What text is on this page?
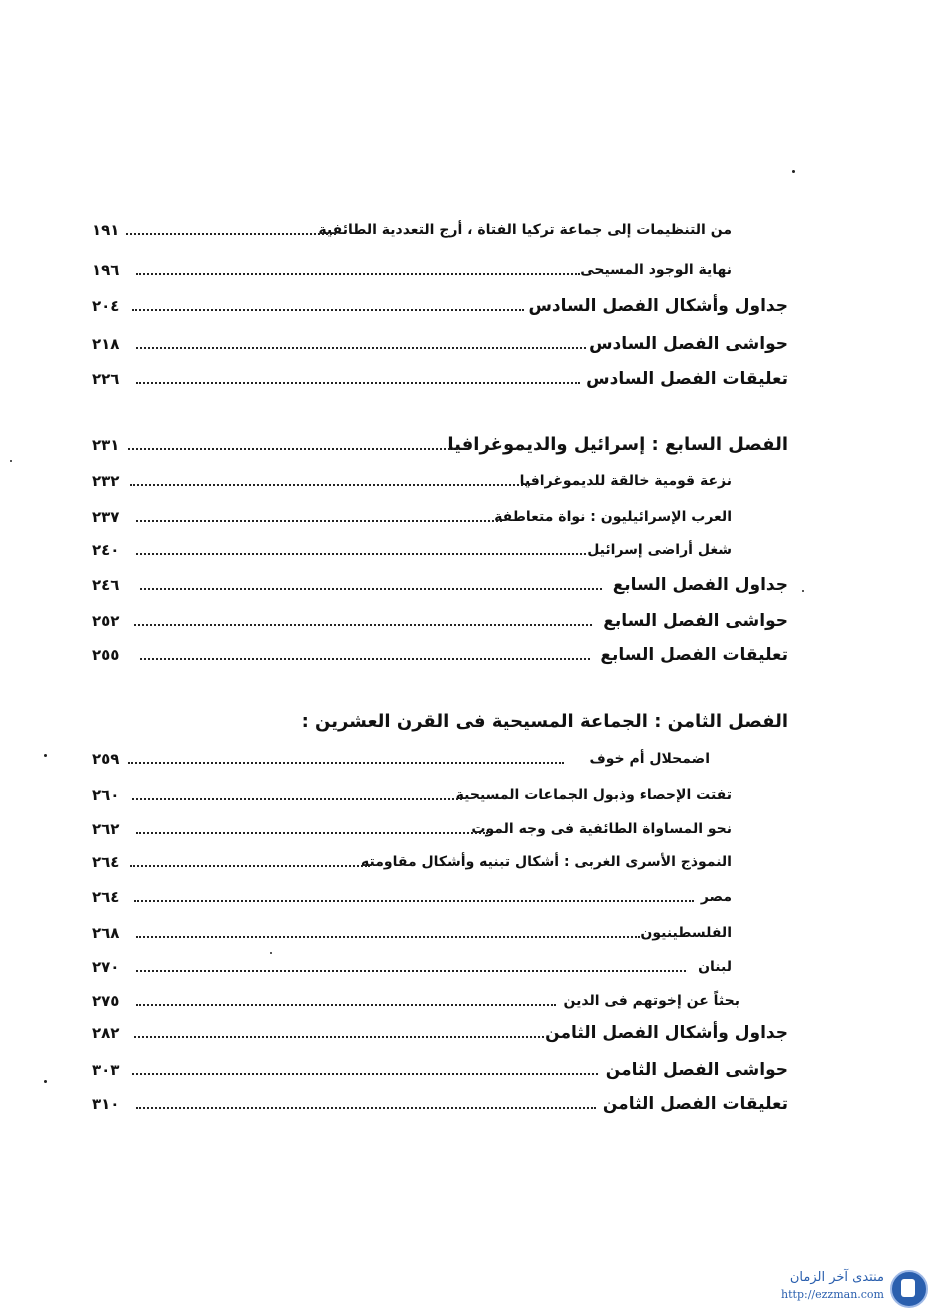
من التنظيمات إلى جماعة تركيا الفتاة ، أرج التعددية الطائفية
١٩١
نهاية الوجود المسيحى
١٩٦
جداول وأشكال الفصل السادس
٢٠٤
حواشى الفصل السادس
٢١٨
تعليقات الفصل السادس
٢٢٦
الفصل السابع : إسرائيل والديموغرافيا
٢٣١
نزعة قومية خالقة للديموغرافيا
٢٣٢
العرب الإسرائيليون : نواة متعاطفة
٢٣٧
شغل أراضى إسرائيل
٢٤٠
جداول الفصل السابع
٢٤٦
حواشى الفصل السابع
٢٥٢
تعليقات الفصل السابع
٢٥٥
الفصل الثامن : الجماعة المسيحية فى القرن العشرين :
اضمحلال أم خوف
٢٥٩
تفتت الإحصاء وذبول الجماعات المسيحية
٢٦٠
نحو المساواة الطائفية فى وجه الموت
٢٦٢
النموذج الأسرى الغربى : أشكال تبنيه وأشكال مقاومته
٢٦٤
مصر
٢٦٤
الفلسطينيون
٢٦٨
لبنان
٢٧٠
بحثاً عن إخوتهم فى الدين
٢٧٥
جداول وأشكال الفصل الثامن
٢٨٢
حواشى الفصل الثامن
٣٠٣
تعليقات الفصل الثامن
٣١٠
منتدى آخر الزمان
http://ezzman.com
